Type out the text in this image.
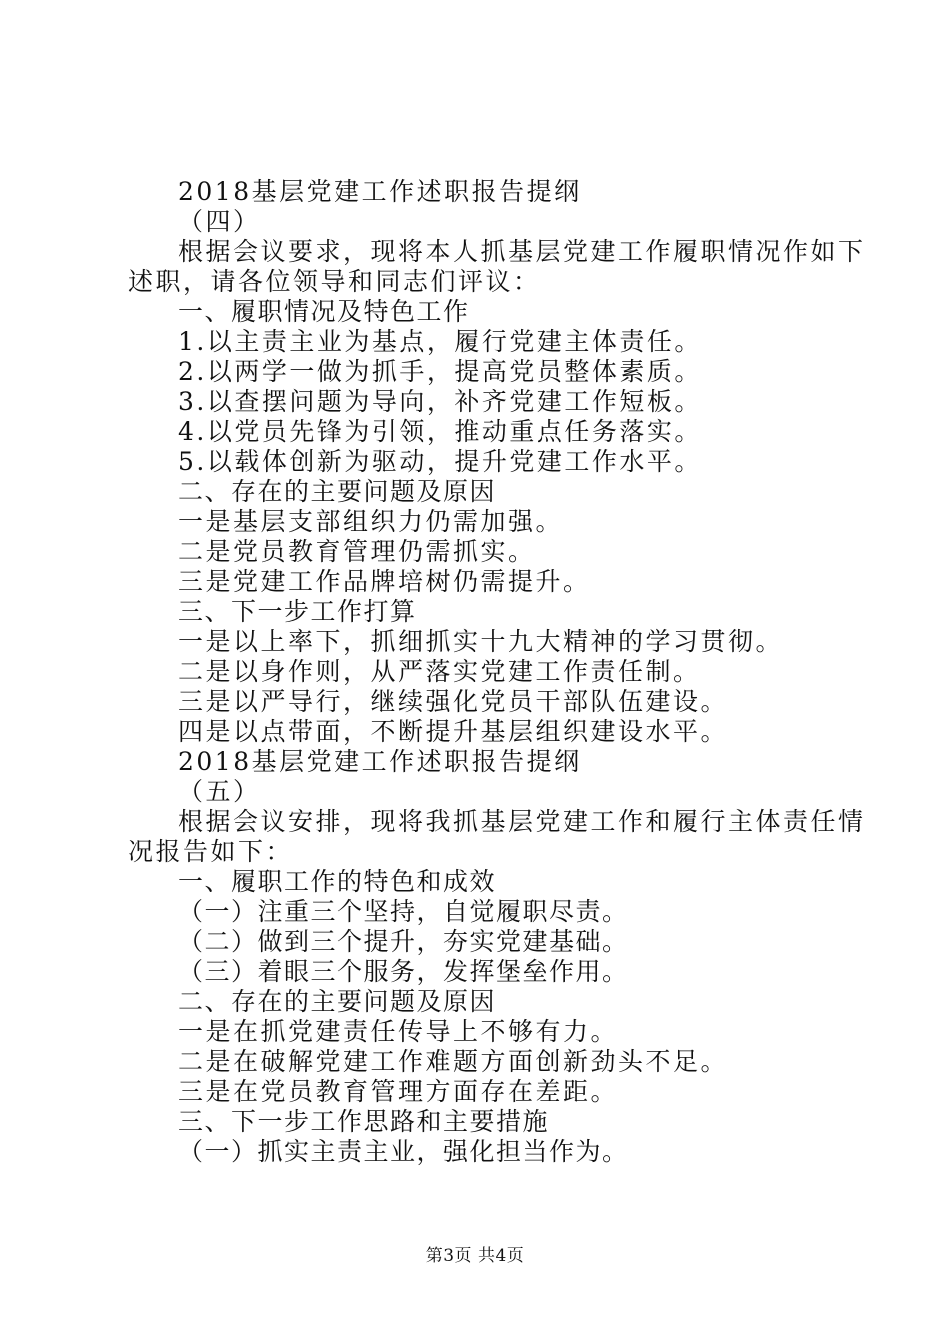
2018基层党建工作述职报告提纲
（四）
根据会议要求，现将本人抓基层党建工作履职情况作如下
述职，请各位领导和同志们评议：
一、履职情况及特色工作
1.以主责主业为基点，履行党建主体责任。
2.以两学一做为抓手，提高党员整体素质。
3.以查摆问题为导向，补齐党建工作短板。
4.以党员先锋为引领，推动重点任务落实。
5.以载体创新为驱动，提升党建工作水平。
二、存在的主要问题及原因
一是基层支部组织力仍需加强。
二是党员教育管理仍需抓实。
三是党建工作品牌培树仍需提升。
三、下一步工作打算
一是以上率下，抓细抓实十九大精神的学习贯彻。
二是以身作则，从严落实党建工作责任制。
三是以严导行，继续强化党员干部队伍建设。
四是以点带面，不断提升基层组织建设水平。
2018基层党建工作述职报告提纲
（五）
根据会议安排，现将我抓基层党建工作和履行主体责任情
况报告如下：
一、履职工作的特色和成效
（一）注重三个坚持，自觉履职尽责。
（二）做到三个提升，夯实党建基础。
（三）着眼三个服务，发挥堡垒作用。
二、存在的主要问题及原因
一是在抓党建责任传导上不够有力。
二是在破解党建工作难题方面创新劲头不足。
三是在党员教育管理方面存在差距。
三、下一步工作思路和主要措施
（一）抓实主责主业，强化担当作为。
第3页 共4页
